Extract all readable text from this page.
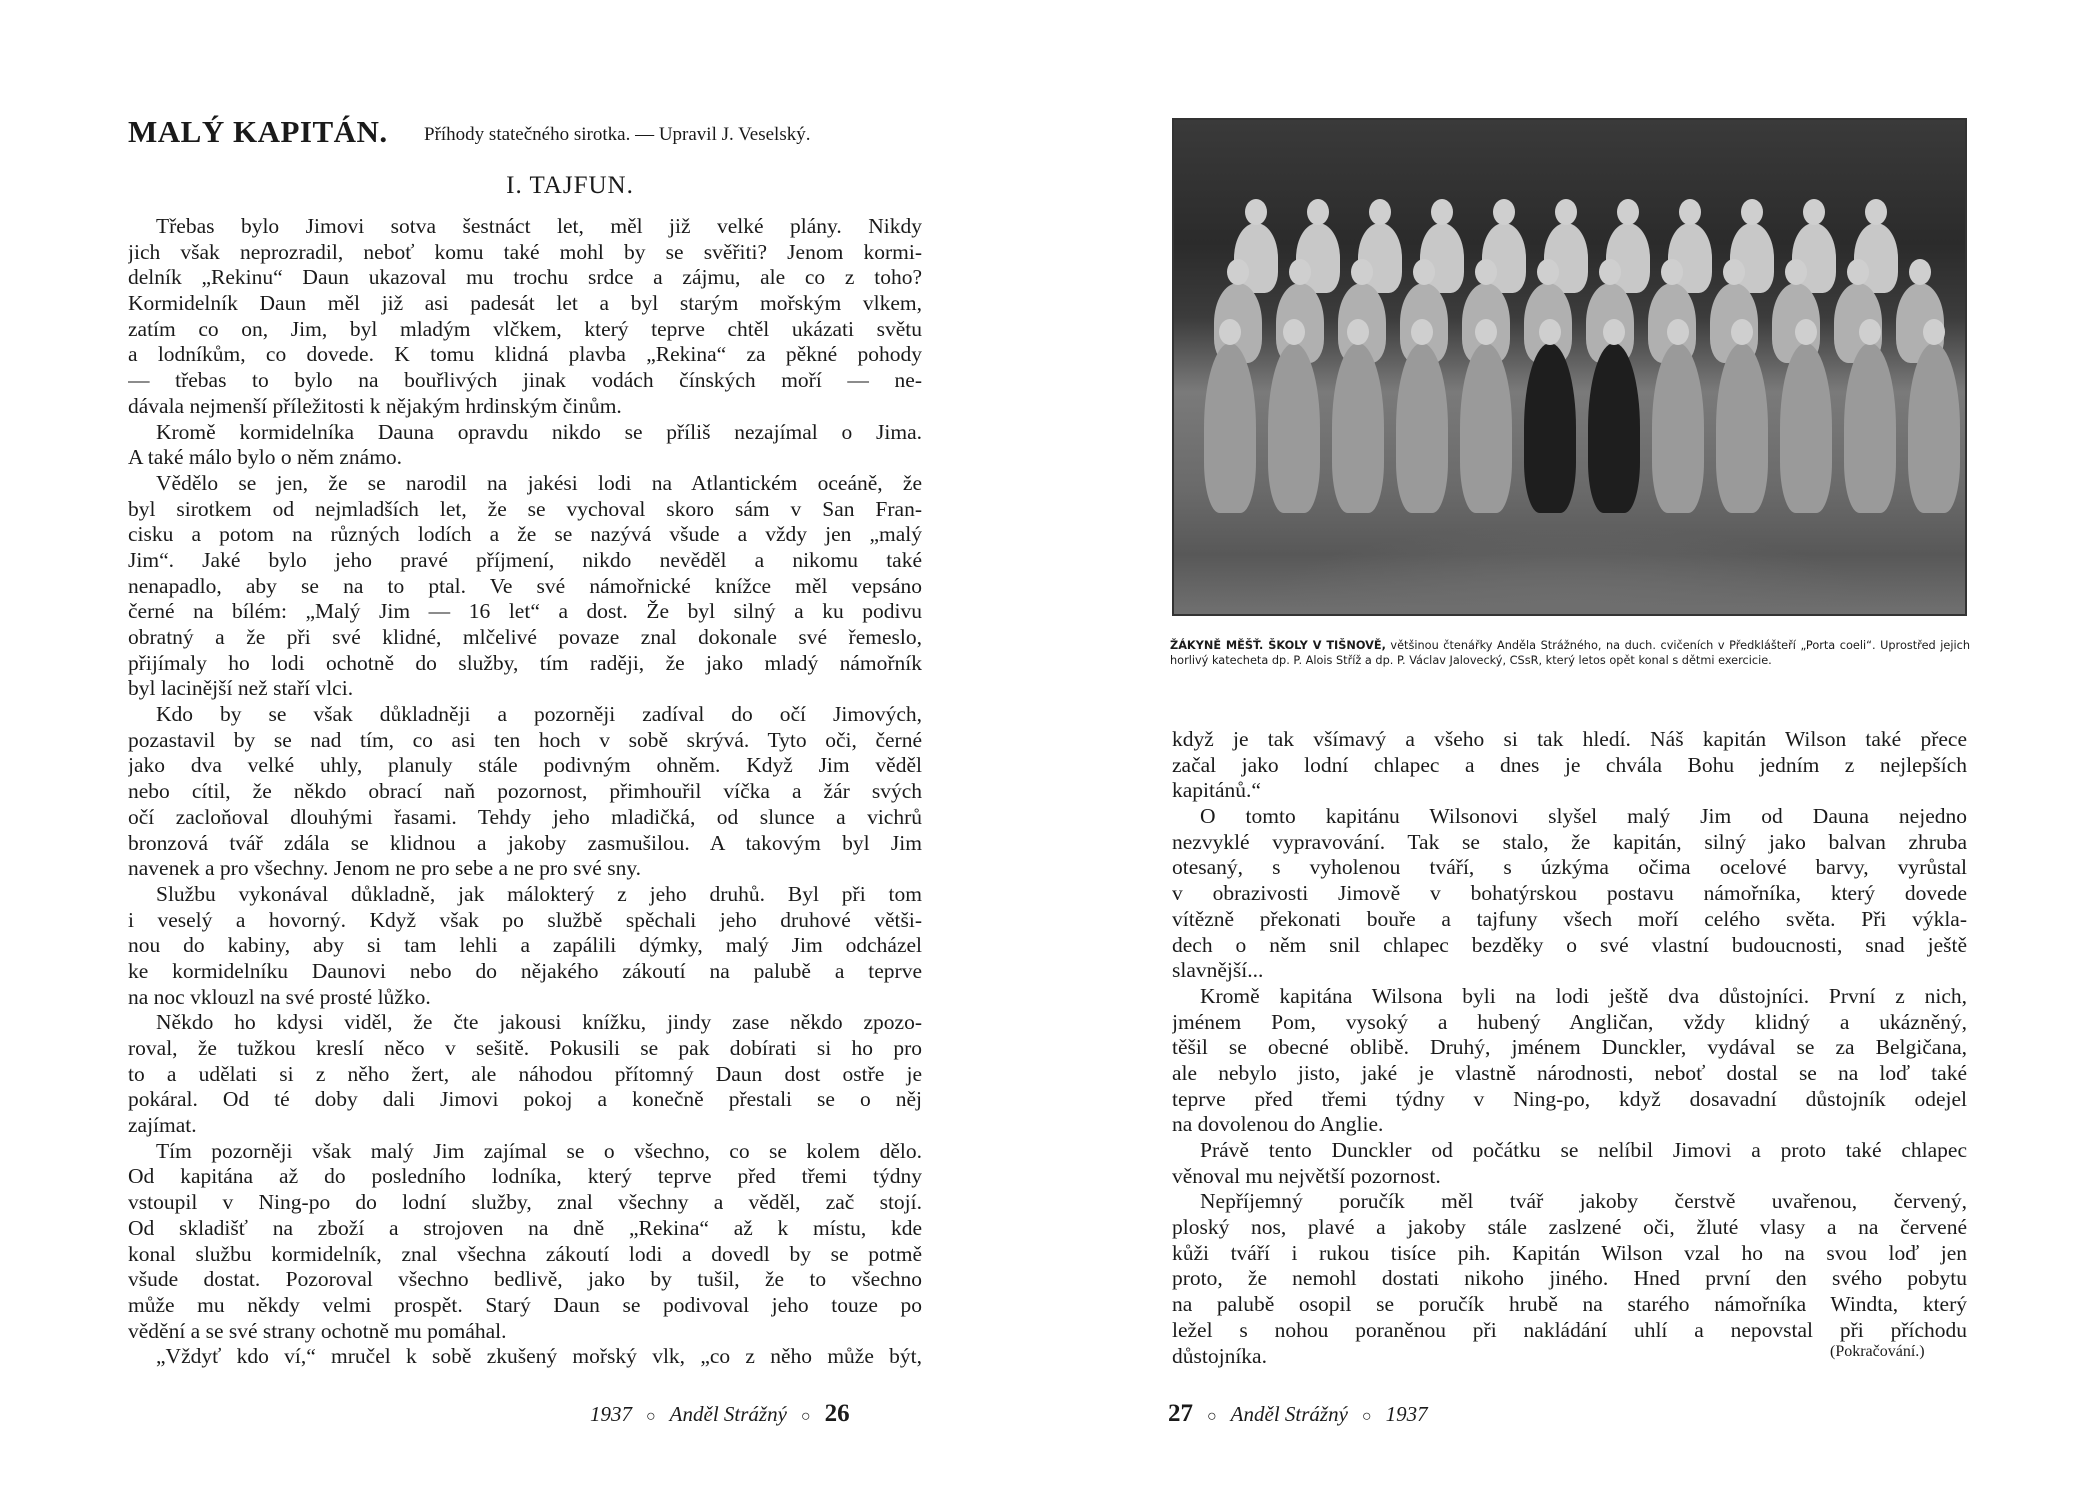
MALÝ KAPITÁN. Příhody statečného sirotka. — Upravil J. Veselský.
I. TAJFUN.
Třebas bylo Jimovi sotva šestnáct let, měl již velké plány. Nikdy
jich však neprozradil, neboť komu také mohl by se svěřiti? Jenom kormi-
delník „Rekinu“ Daun ukazoval mu trochu srdce a zájmu, ale co z toho?
Kormidelník Daun měl již asi padesát let a byl starým mořským vlkem,
zatím co on, Jim, byl mladým vlčkem, který teprve chtěl ukázati světu
a lodníkům, co dovede. K tomu klidná plavba „Rekina“ za pěkné pohody
— třebas to bylo na bouřlivých jinak vodách čínských moří — ne-
dávala nejmenší příležitosti k nějakým hrdinským činům.
Kromě kormidelníka Dauna opravdu nikdo se příliš nezajímal o Jima.
A také málo bylo o něm známo.
Vědělo se jen, že se narodil na jakési lodi na Atlantickém oceáně, že
byl sirotkem od nejmladších let, že se vychoval skoro sám v San Fran-
cisku a potom na různých lodích a že se nazývá všude a vždy jen „malý
Jim“. Jaké bylo jeho pravé příjmení, nikdo nevěděl a nikomu také
nenapadlo, aby se na to ptal. Ve své námořnické knížce měl vepsáno
černé na bílém: „Malý Jim — 16 let“ a dost. Že byl silný a ku podivu
obratný a že při své klidné, mlčelivé povaze znal dokonale své řemeslo,
přijímaly ho lodi ochotně do služby, tím raději, že jako mladý námořník
byl lacinější než staří vlci.
Kdo by se však důkladněji a pozorněji zadíval do očí Jimových,
pozastavil by se nad tím, co asi ten hoch v sobě skrývá. Tyto oči, černé
jako dva velké uhly, planuly stále podivným ohněm. Když Jim věděl
nebo cítil, že někdo obrací naň pozornost, přimhouřil víčka a žár svých
očí zacloňoval dlouhými řasami. Tehdy jeho mladičká, od slunce a vichrů
bronzová tvář zdála se klidnou a jakoby zasmušilou. A takovým byl Jim
navenek a pro všechny. Jenom ne pro sebe a ne pro své sny.
Službu vykonával důkladně, jak málokterý z jeho druhů. Byl při tom
i veselý a hovorný. Když však po službě spěchali jeho druhové větši-
nou do kabiny, aby si tam lehli a zapálili dýmky, malý Jim odcházel
ke kormidelníku Daunovi nebo do nějakého zákoutí na palubě a teprve
na noc vklouzl na své prosté lůžko.
Někdo ho kdysi viděl, že čte jakousi knížku, jindy zase někdo zpozo-
roval, že tužkou kreslí něco v sešitě. Pokusili se pak dobírati si ho pro
to a udělati si z něho žert, ale náhodou přítomný Daun dost ostře je
pokáral. Od té doby dali Jimovi pokoj a konečně přestali se o něj
zajímat.
Tím pozorněji však malý Jim zajímal se o všechno, co se kolem dělo.
Od kapitána až do posledního lodníka, který teprve před třemi týdny
vstoupil v Ning-po do lodní služby, znal všechny a věděl, zač stojí.
Od skladišť na zboží a strojoven na dně „Rekina“ až k místu, kde
konal službu kormidelník, znal všechna zákoutí lodi a dovedl by se potmě
všude dostat. Pozoroval všechno bedlivě, jako by tušil, že to všechno
může mu někdy velmi prospět. Starý Daun se podivoval jeho touze po
vědění a se své strany ochotně mu pomáhal.
„Vždyť kdo ví,“ mručel k sobě zkušený mořský vlk, „co z něho může být,
ŽÁKYNĚ MĚŠŤ. ŠKOLY V TIŠNOVĚ, většinou čtenářky Anděla Strážného, na duch. cvičeních v Předklášteří „Porta coeli“. Uprostřed jejich horlivý katecheta dp. P. Alois Stříž a dp. P. Václav Jalovecký, CSsR, který letos opět konal s dětmi exercicie.
když je tak všímavý a všeho si tak hledí. Náš kapitán Wilson také přece
začal jako lodní chlapec a dnes je chvála Bohu jedním z nejlepších
kapitánů.“
O tomto kapitánu Wilsonovi slyšel malý Jim od Dauna nejedno
nezvyklé vypravování. Tak se stalo, že kapitán, silný jako balvan zhruba
otesaný, s vyholenou tváří, s úzkýma očima ocelové barvy, vyrůstal
v obrazivosti Jimově v bohatýrskou postavu námořníka, který dovede
vítězně překonati bouře a tajfuny všech moří celého světa. Při výkla-
dech o něm snil chlapec bezděky o své vlastní budoucnosti, snad ještě
slavnější...
Kromě kapitána Wilsona byli na lodi ještě dva důstojníci. První z nich,
jménem Pom, vysoký a hubený Angličan, vždy klidný a ukázněný,
těšil se obecné oblibě. Druhý, jménem Dunckler, vydával se za Belgičana,
ale nebylo jisto, jaké je vlastně národnosti, neboť dostal se na loď také
teprve před třemi týdny v Ning-po, když dosavadní důstojník odejel
na dovolenou do Anglie.
Právě tento Dunckler od počátku se nelíbil Jimovi a proto také chlapec
věnoval mu největší pozornost.
Nepříjemný poručík měl tvář jakoby čerstvě uvařenou, červený,
ploský nos, plavé a jakoby stále zaslzené oči, žluté vlasy a na červené
kůži tváří i rukou tisíce pih. Kapitán Wilson vzal ho na svou loď jen
proto, že nemohl dostati nikoho jiného. Hned první den svého pobytu
na palubě osopil se poručík hrubě na starého námořníka Windta, který
ležel s nohou poraněnou při nakládání uhlí a nepovstal při příchodu
důstojníka.	(Pokračování.)
1937 ○ Anděl Strážný ○ 26	27 ○ Anděl Strážný ○ 1937
